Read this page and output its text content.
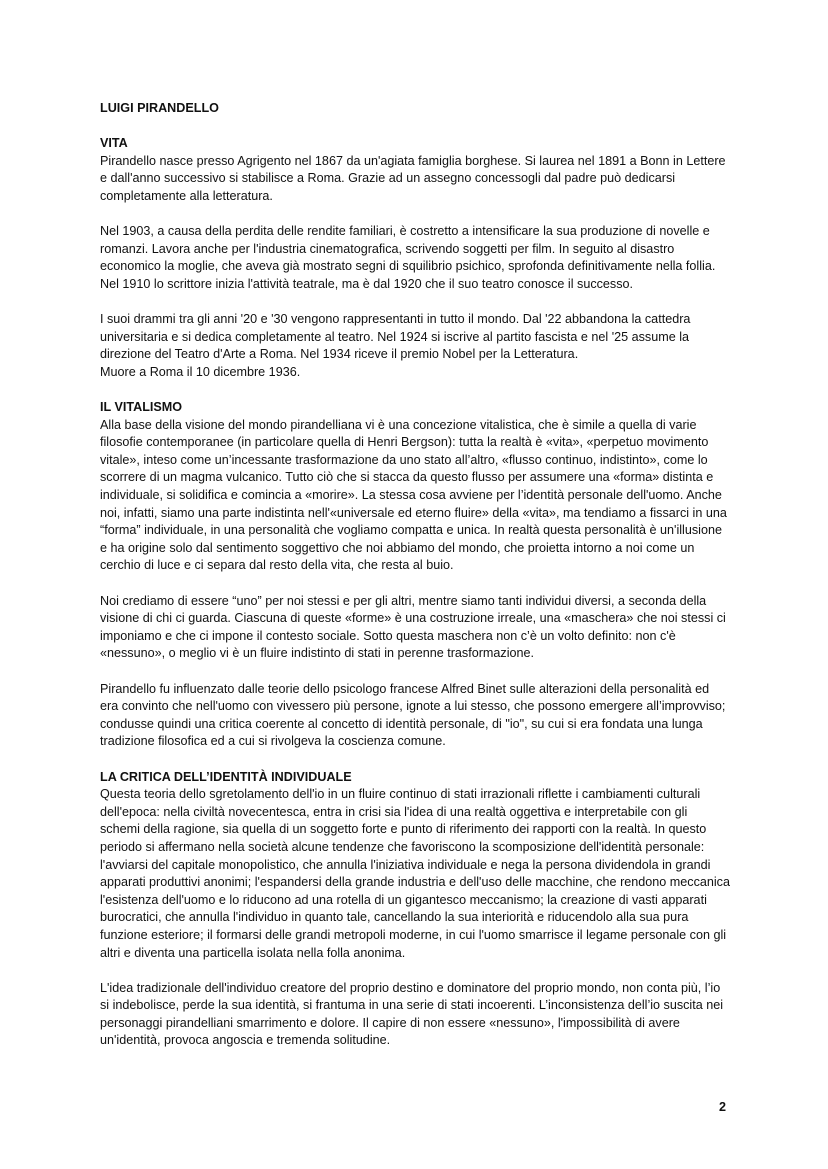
LUIGI PIRANDELLO
VITA

Pirandello nasce presso Agrigento nel 1867 da un'agiata famiglia borghese. Si laurea nel 1891 a Bonn in Lettere e dall'anno successivo si stabilisce a Roma. Grazie ad un assegno concessogli dal padre può dedicarsi completamente alla letteratura.

Nel 1903, a causa della perdita delle rendite familiari, è costretto a intensificare la sua produzione di novelle e romanzi. Lavora anche per l'industria cinematografica, scrivendo soggetti per film. In seguito al disastro economico la moglie, che aveva già mostrato segni di squilibrio psichico, sprofonda definitivamente nella follia. Nel 1910 lo scrittore inizia l'attività teatrale, ma è dal 1920 che il suo teatro conosce il successo.

I suoi drammi tra gli anni '20 e '30 vengono rappresentanti in tutto il mondo. Dal '22 abbandona la cattedra universitaria e si dedica completamente al teatro. Nel 1924 si iscrive al partito fascista e nel '25 assume la direzione del Teatro d'Arte a Roma. Nel 1934 riceve il premio Nobel per la Letteratura.

Muore a Roma il 10 dicembre 1936.

IL VITALISMO

Alla base della visione del mondo pirandelliana vi è una concezione vitalistica, che è simile a quella di varie filosofie contemporanee (in particolare quella di Henri Bergson): tutta la realtà è «vita», «perpetuo movimento vitale», inteso come un’incessante trasformazione da uno stato all’altro, «flusso continuo, indistinto», come lo scorrere di un magma vulcanico. Tutto ciò che si stacca da questo flusso per assumere una «forma» distinta e individuale, si solidifica e comincia a «morire». La stessa cosa avviene per l’identità personale dell'uomo. Anche noi, infatti, siamo una parte indistinta nell'«universale ed eterno fluire» della «vita», ma tendiamo a fissarci in una “forma” individuale, in una personalità che vogliamo compatta e unica. In realtà questa personalità è un'illusione e ha origine solo dal sentimento soggettivo che noi abbiamo del mondo, che proietta intorno a noi come un cerchio di luce e ci separa dal resto della vita, che resta al buio.

Noi crediamo di essere “uno” per noi stessi e per gli altri, mentre siamo tanti individui diversi, a seconda della visione di chi ci guarda. Ciascuna di queste «forme» è una costruzione irreale, una «maschera» che noi stessi ci imponiamo e che ci impone il contesto sociale. Sotto questa maschera non c’è un volto definito: non c'è «nessuno», o meglio vi è un fluire indistinto di stati in perenne trasformazione.

Pirandello fu influenzato dalle teorie dello psicologo francese Alfred Binet sulle alterazioni della personalità ed era convinto che nell'uomo con vivessero più persone, ignote a lui stesso, che possono emergere all’improvviso; condusse quindi una critica coerente al concetto di identità personale, di "io", su cui si era fondata una lunga tradizione filosofica ed a cui si rivolgeva la coscienza comune.

LA CRITICA DELL’IDENTITÀ INDIVIDUALE

Questa teoria dello sgretolamento dell'io in un fluire continuo di stati irrazionali riflette i cambiamenti culturali dell'epoca: nella civiltà novecentesca, entra in crisi sia l'idea di una realtà oggettiva e interpretabile con gli schemi della ragione, sia quella di un soggetto forte e punto di riferimento dei rapporti con la realtà. In questo periodo si affermano nella società alcune tendenze che favoriscono la scomposizione dell'identità personale: l'avviarsi del capitale monopolistico, che annulla l'iniziativa individuale e nega la persona dividendola in grandi apparati produttivi anonimi; l'espandersi della grande industria e dell'uso delle macchine, che rendono meccanica l'esistenza dell'uomo e lo riducono ad una rotella di un gigantesco meccanismo; la creazione di vasti apparati burocratici, che annulla l'individuo in quanto tale, cancellando la sua interiorità e riducendolo alla sua pura funzione esteriore; il formarsi delle grandi metropoli moderne, in cui l'uomo smarrisce il legame personale con gli altri e diventa una particella isolata nella folla anonima.

L'idea tradizionale dell'individuo creatore del proprio destino e dominatore del proprio mondo, non conta più, l’io si indebolisce, perde la sua identità, si frantuma in una serie di stati incoerenti. L’inconsistenza dell’io suscita nei personaggi pirandelliani smarrimento e dolore. Il capire di non essere «nessuno», l'impossibilità di avere un'identità, provoca angoscia e tremenda solitudine.

2
